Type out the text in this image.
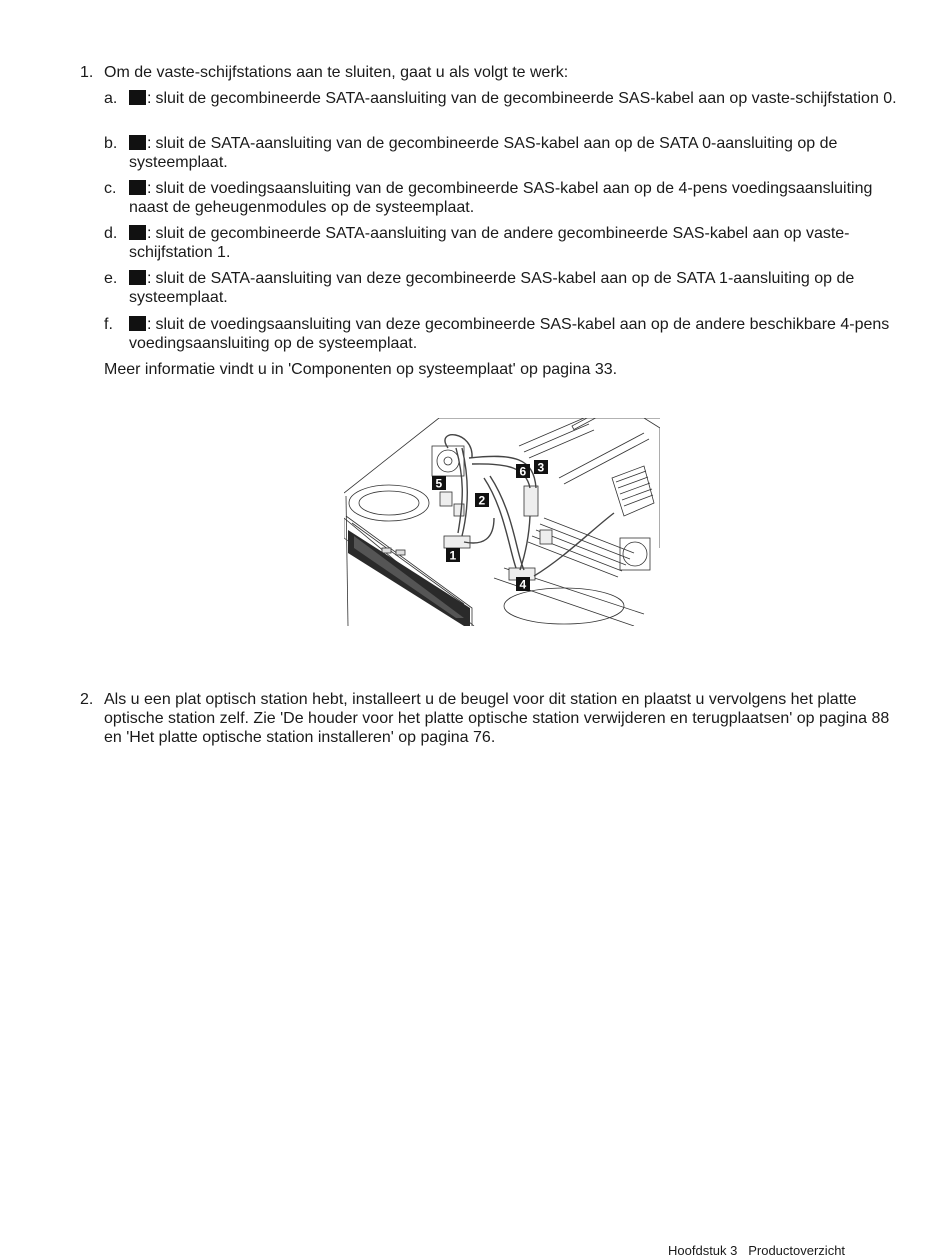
1. Om de vaste-schijfstations aan te sluiten, gaat u als volgt te werk:
a.	: sluit de gecombineerde SATA-aansluiting van de gecombineerde SAS-kabel aan op vaste-schijfstation 0.
b.	: sluit de SATA-aansluiting van de gecombineerde SAS-kabel aan op de SATA 0-aansluiting op de systeemplaat.
c.	: sluit de voedingsaansluiting van de gecombineerde SAS-kabel aan op de 4-pens voedingsaansluiting naast de geheugenmodules op de systeemplaat.
d.	: sluit de gecombineerde SATA-aansluiting van de andere gecombineerde SAS-kabel aan op vaste-schijfstation 1.
e.	: sluit de SATA-aansluiting van deze gecombineerde SAS-kabel aan op de SATA 1-aansluiting op de systeemplaat.
f.	: sluit de voedingsaansluiting van deze gecombineerde SAS-kabel aan op de andere beschikbare 4-pens voedingsaansluiting op de systeemplaat.
Meer informatie vindt u in 'Componenten op systeemplaat' op pagina 33.
1
2
3
4
5
6
2. Als u een plat optisch station hebt, installeert u de beugel voor dit station en plaatst u vervolgens het platte optische station zelf. Zie 'De houder voor het platte optische station verwijderen en terugplaatsen' op pagina 88 en 'Het platte optische station installeren' op pagina 76.
Hoofdstuk 3 Productoverzicht
